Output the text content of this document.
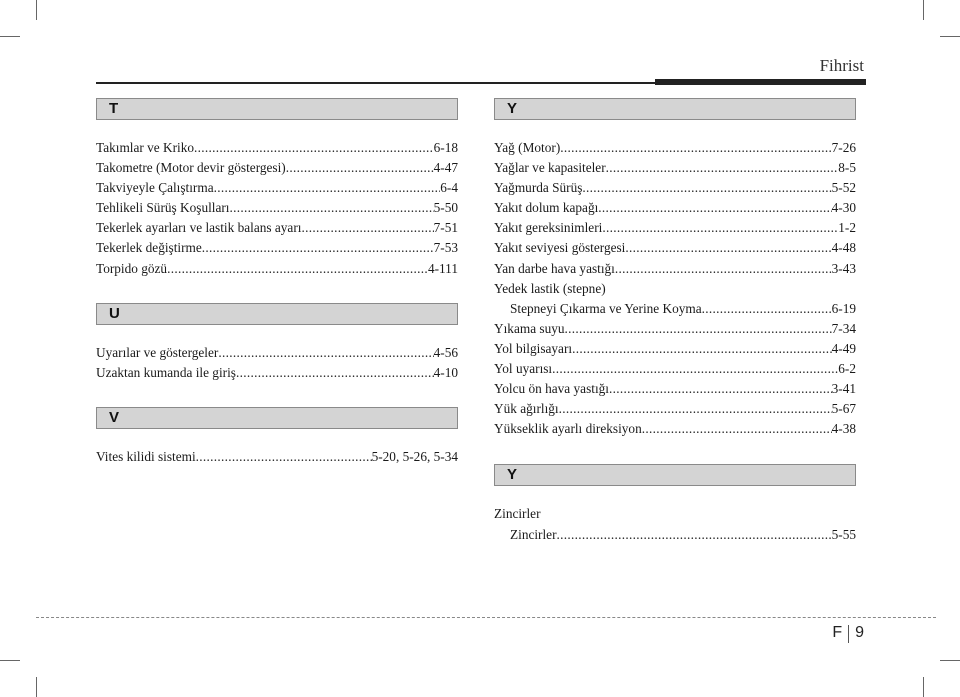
Fihrist
T
Takımlar ve Kriko .....	6-18
Takometre (Motor devir göstergesi) .....	4-47
Takviyeyle Çalıştırma .....	6-4
Tehlikeli Sürüş Koşulları .....	5-50
Tekerlek ayarları ve lastik balans ayarı .....	7-51
Tekerlek değiştirme .....	7-53
Torpido gözü .....	4-111
U
Uyarılar ve göstergeler .....	4-56
Uzaktan kumanda ile giriş .....	4-10
V
Vites kilidi sistemi .....	5-20, 5-26, 5-34
Y
Yağ (Motor) .....	7-26
Yağlar ve kapasiteler .....	8-5
Yağmurda Sürüş .....	5-52
Yakıt dolum kapağı .....	4-30
Yakıt gereksinimleri .....	1-2
Yakıt seviyesi göstergesi .....	4-48
Yan darbe hava yastığı .....	3-43
Yedek lastik (stepne)
Stepneyi Çıkarma ve Yerine Koyma .....	6-19
Yıkama suyu .....	7-34
Yol bilgisayarı .....	4-49
Yol uyarısı .....	6-2
Yolcu ön hava yastığı .....	3-41
Yük ağırlığı .....	5-67
Yükseklik ayarlı direksiyon .....	4-38
Y
Zincirler
Zincirler .....	5-55
F 9
